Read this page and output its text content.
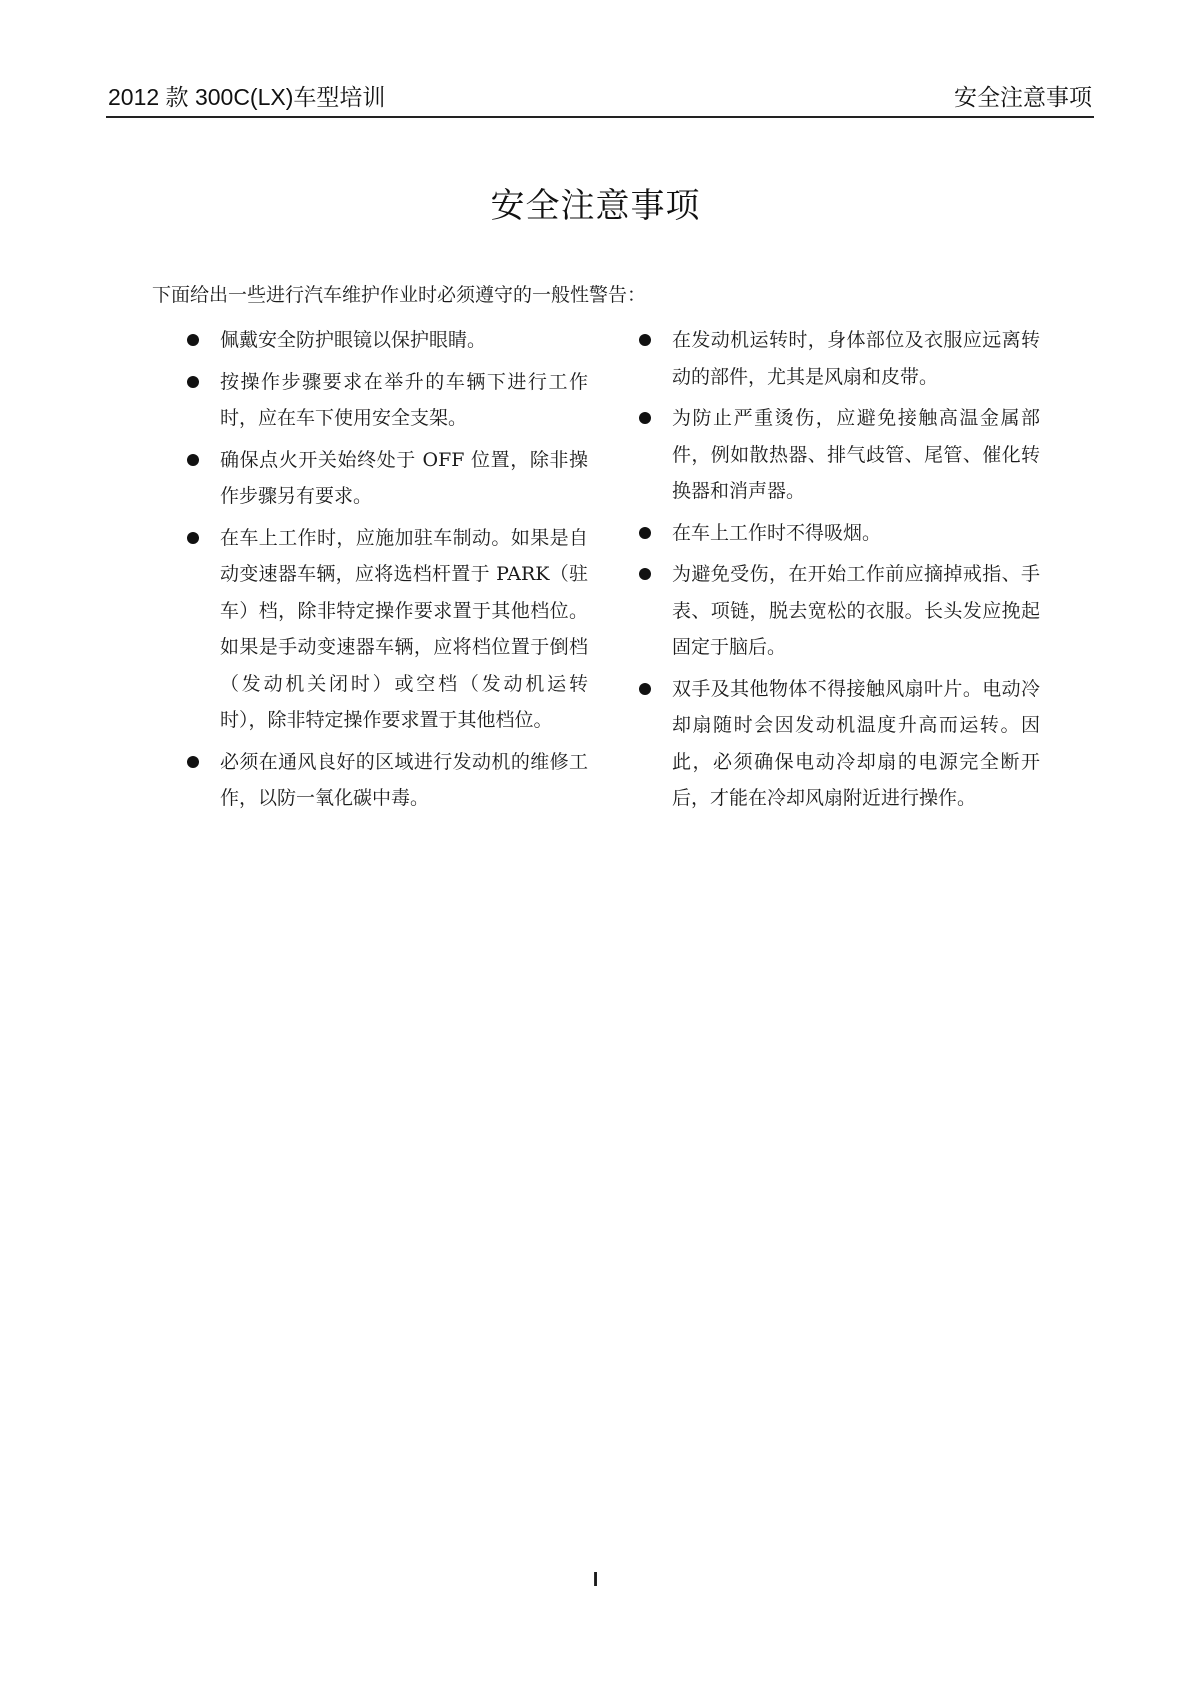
2012 款 300C(LX)车型培训	安全注意事项
安全注意事项
下面给出一些进行汽车维护作业时必须遵守的一般性警告：
佩戴安全防护眼镜以保护眼睛。
按操作步骤要求在举升的车辆下进行工作时，应在车下使用安全支架。
确保点火开关始终处于 OFF 位置，除非操作步骤另有要求。
在车上工作时，应施加驻车制动。如果是自动变速器车辆，应将选档杆置于 PARK（驻车）档，除非特定操作要求置于其他档位。如果是手动变速器车辆，应将档位置于倒档（发动机关闭时）或空档（发动机运转时），除非特定操作要求置于其他档位。
必须在通风良好的区域进行发动机的维修工作，以防一氧化碳中毒。
在发动机运转时，身体部位及衣服应远离转动的部件，尤其是风扇和皮带。
为防止严重烫伤，应避免接触高温金属部件，例如散热器、排气歧管、尾管、催化转换器和消声器。
在车上工作时不得吸烟。
为避免受伤，在开始工作前应摘掉戒指、手表、项链，脱去宽松的衣服。长头发应挽起固定于脑后。
双手及其他物体不得接触风扇叶片。电动冷却扇随时会因发动机温度升高而运转。因此，必须确保电动冷却扇的电源完全断开后，才能在冷却风扇附近进行操作。
I
